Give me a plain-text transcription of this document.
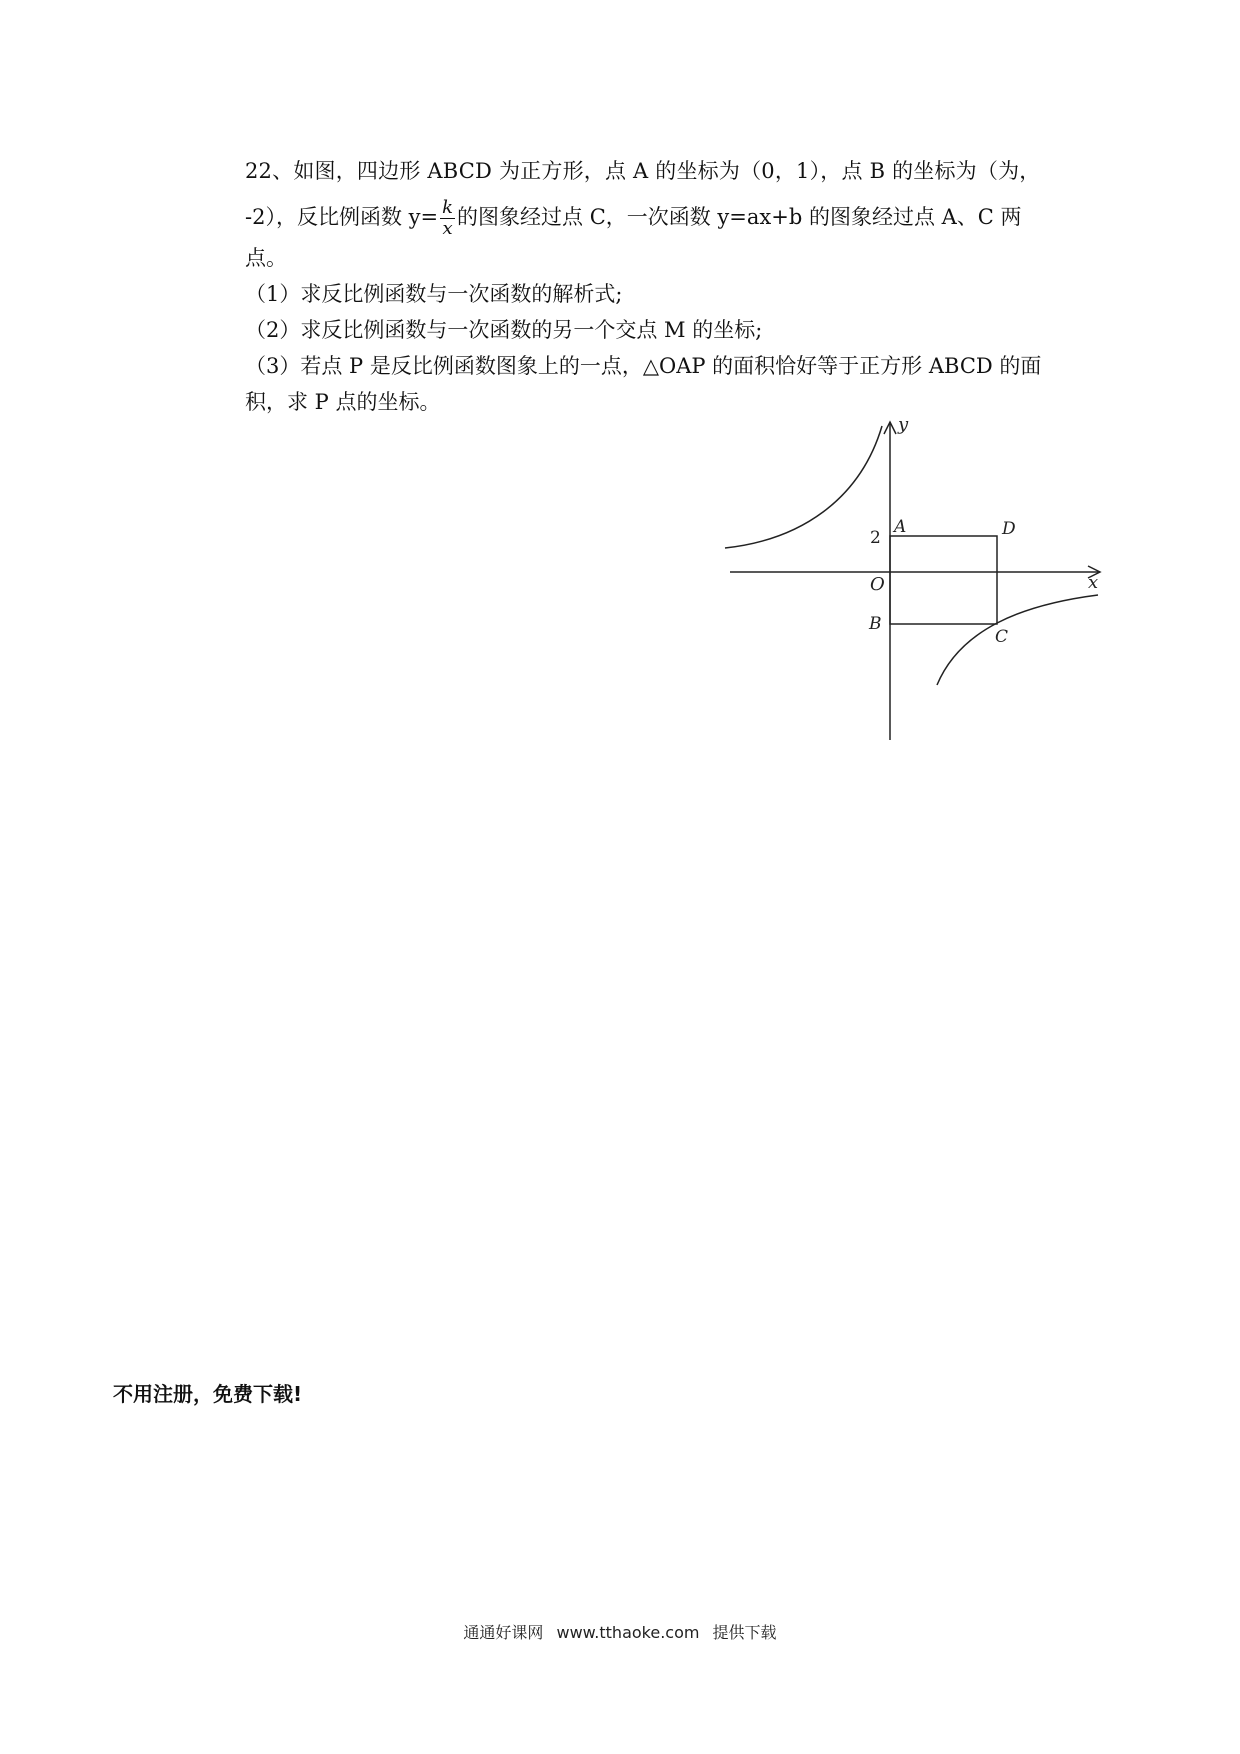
22、如图，四边形 ABCD 为正方形，点 A 的坐标为（0，1），点 B 的坐标为（为，
-2），反比例函数 $y= \frac{k}{x}$ 的图象经过点 C，一次函数 y=ax+b 的图象经过点 A、C 两
点。
（1）求反比例函数与一次函数的解析式;
（2）求反比例函数与一次函数的另一个交点 M 的坐标;
（3）若点 P 是反比例函数图象上的一点，△OAP 的面积恰好等于正方形 ABCD 的面
积，求 P 点的坐标。
y
x
O
2
A	D
B
C
不用注册，免费下载!
通通好课网 www.tthaoke.com 提供下载
